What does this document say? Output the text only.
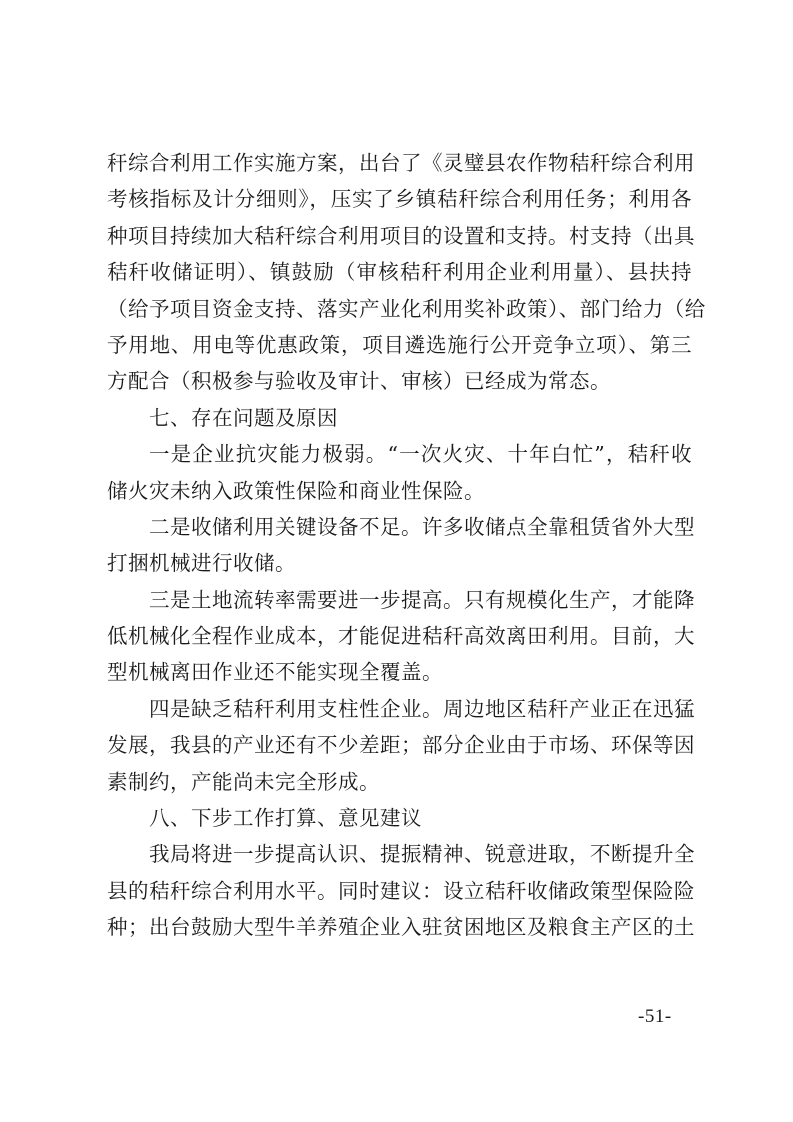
秆综合利用工作实施方案，出台了《灵璧县农作物秸秆综合利用
考核指标及计分细则》，压实了乡镇秸秆综合利用任务；利用各
种项目持续加大秸秆综合利用项目的设置和支持。村支持（出具
秸秆收储证明）、镇鼓励（审核秸秆利用企业利用量）、县扶持
（给予项目资金支持、落实产业化利用奖补政策）、部门给力（给
予用地、用电等优惠政策，项目遴选施行公开竞争立项）、第三
方配合（积极参与验收及审计、审核）已经成为常态。
七、存在问题及原因
一是企业抗灾能力极弱。“一次火灾、十年白忙”，秸秆收
储火灾未纳入政策性保险和商业性保险。
二是收储利用关键设备不足。许多收储点全靠租赁省外大型
打捆机械进行收储。
三是土地流转率需要进一步提高。只有规模化生产，才能降
低机械化全程作业成本，才能促进秸秆高效离田利用。目前，大
型机械离田作业还不能实现全覆盖。
四是缺乏秸秆利用支柱性企业。周边地区秸秆产业正在迅猛
发展，我县的产业还有不少差距；部分企业由于市场、环保等因
素制约，产能尚未完全形成。
八、下步工作打算、意见建议
我局将进一步提高认识、提振精神、锐意进取，不断提升全
县的秸秆综合利用水平。同时建议：设立秸秆收储政策型保险险
种；出台鼓励大型牛羊养殖企业入驻贫困地区及粮食主产区的土
-51-
